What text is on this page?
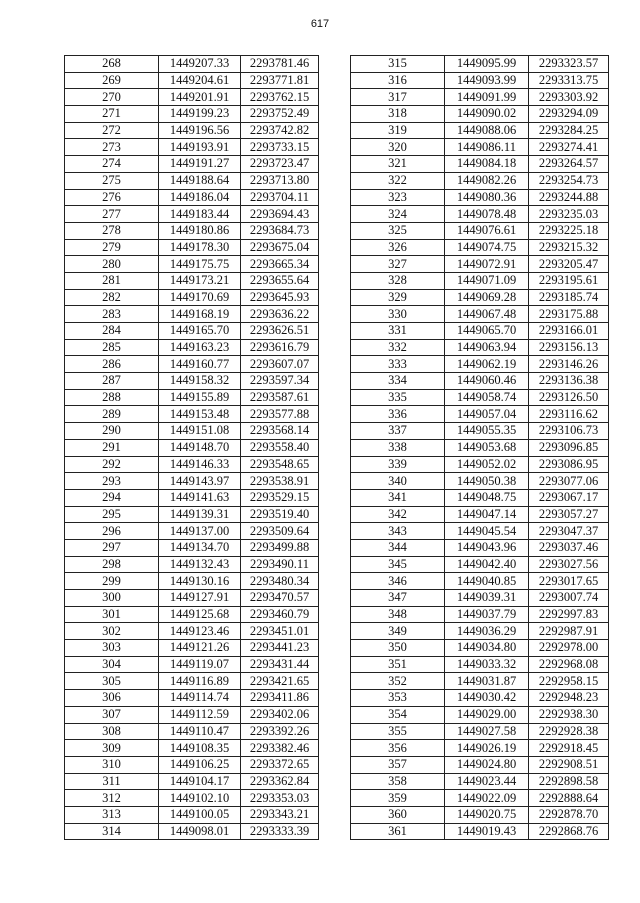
617
268	1449207.33	2293781.46
269	1449204.61	2293771.81
270	1449201.91	2293762.15
271	1449199.23	2293752.49
272	1449196.56	2293742.82
273	1449193.91	2293733.15
274	1449191.27	2293723.47
275	1449188.64	2293713.80
276	1449186.04	2293704.11
277	1449183.44	2293694.43
278	1449180.86	2293684.73
279	1449178.30	2293675.04
280	1449175.75	2293665.34
281	1449173.21	2293655.64
282	1449170.69	2293645.93
283	1449168.19	2293636.22
284	1449165.70	2293626.51
285	1449163.23	2293616.79
286	1449160.77	2293607.07
287	1449158.32	2293597.34
288	1449155.89	2293587.61
289	1449153.48	2293577.88
290	1449151.08	2293568.14
291	1449148.70	2293558.40
292	1449146.33	2293548.65
293	1449143.97	2293538.91
294	1449141.63	2293529.15
295	1449139.31	2293519.40
296	1449137.00	2293509.64
297	1449134.70	2293499.88
298	1449132.43	2293490.11
299	1449130.16	2293480.34
300	1449127.91	2293470.57
301	1449125.68	2293460.79
302	1449123.46	2293451.01
303	1449121.26	2293441.23
304	1449119.07	2293431.44
305	1449116.89	2293421.65
306	1449114.74	2293411.86
307	1449112.59	2293402.06
308	1449110.47	2293392.26
309	1449108.35	2293382.46
310	1449106.25	2293372.65
311	1449104.17	2293362.84
312	1449102.10	2293353.03
313	1449100.05	2293343.21
314	1449098.01	2293333.39
315	1449095.99	2293323.57
316	1449093.99	2293313.75
317	1449091.99	2293303.92
318	1449090.02	2293294.09
319	1449088.06	2293284.25
320	1449086.11	2293274.41
321	1449084.18	2293264.57
322	1449082.26	2293254.73
323	1449080.36	2293244.88
324	1449078.48	2293235.03
325	1449076.61	2293225.18
326	1449074.75	2293215.32
327	1449072.91	2293205.47
328	1449071.09	2293195.61
329	1449069.28	2293185.74
330	1449067.48	2293175.88
331	1449065.70	2293166.01
332	1449063.94	2293156.13
333	1449062.19	2293146.26
334	1449060.46	2293136.38
335	1449058.74	2293126.50
336	1449057.04	2293116.62
337	1449055.35	2293106.73
338	1449053.68	2293096.85
339	1449052.02	2293086.95
340	1449050.38	2293077.06
341	1449048.75	2293067.17
342	1449047.14	2293057.27
343	1449045.54	2293047.37
344	1449043.96	2293037.46
345	1449042.40	2293027.56
346	1449040.85	2293017.65
347	1449039.31	2293007.74
348	1449037.79	2292997.83
349	1449036.29	2292987.91
350	1449034.80	2292978.00
351	1449033.32	2292968.08
352	1449031.87	2292958.15
353	1449030.42	2292948.23
354	1449029.00	2292938.30
355	1449027.58	2292928.38
356	1449026.19	2292918.45
357	1449024.80	2292908.51
358	1449023.44	2292898.58
359	1449022.09	2292888.64
360	1449020.75	2292878.70
361	1449019.43	2292868.76
